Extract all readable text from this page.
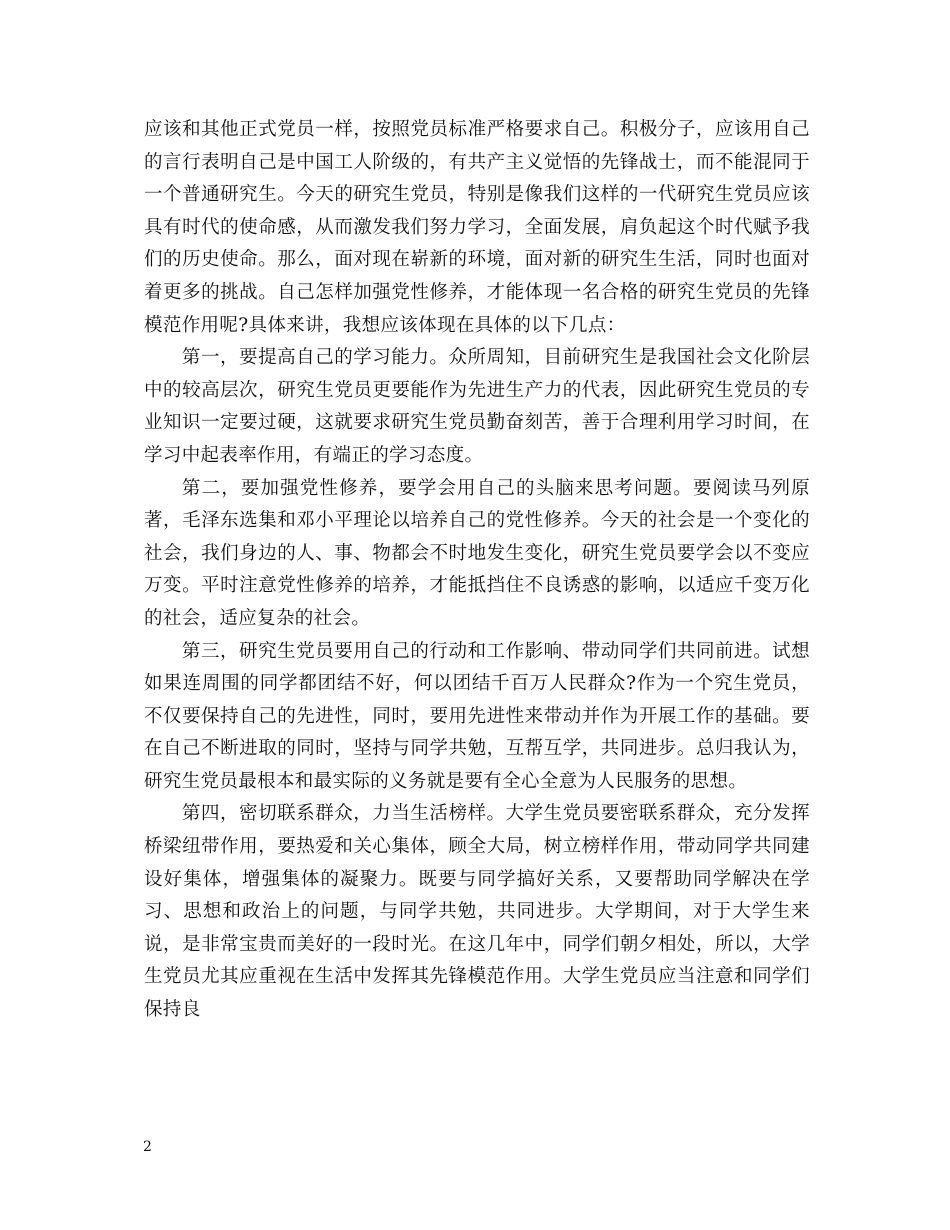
应该和其他正式党员一样，按照党员标准严格要求自己。积极分子，应该用自己的言行表明自己是中国工人阶级的，有共产主义觉悟的先锋战士，而不能混同于一个普通研究生。今天的研究生党员，特别是像我们这样的一代研究生党员应该具有时代的使命感，从而激发我们努力学习，全面发展，肩负起这个时代赋予我们的历史使命。那么，面对现在崭新的环境，面对新的研究生生活，同时也面对着更多的挑战。自己怎样加强党性修养，才能体现一名合格的研究生党员的先锋模范作用呢?具体来讲，我想应该体现在具体的以下几点：

第一，要提高自己的学习能力。众所周知，目前研究生是我国社会文化阶层中的较高层次，研究生党员更要能作为先进生产力的代表，因此研究生党员的专业知识一定要过硬，这就要求研究生党员勤奋刻苦，善于合理利用学习时间，在学习中起表率作用，有端正的学习态度。

第二，要加强党性修养，要学会用自己的头脑来思考问题。要阅读马列原著，毛泽东选集和邓小平理论以培养自己的党性修养。今天的社会是一个变化的社会，我们身边的人、事、物都会不时地发生变化，研究生党员要学会以不变应万变。平时注意党性修养的培养，才能抵挡住不良诱惑的影响，以适应千变万化的社会，适应复杂的社会。

第三，研究生党员要用自己的行动和工作影响、带动同学们共同前进。试想如果连周围的同学都团结不好，何以团结千百万人民群众?作为一个究生党员，不仅要保持自己的先进性，同时，要用先进性来带动并作为开展工作的基础。要在自己不断进取的同时，坚持与同学共勉，互帮互学，共同进步。总归我认为，研究生党员最根本和最实际的义务就是要有全心全意为人民服务的思想。

第四，密切联系群众，力当生活榜样。大学生党员要密联系群众，充分发挥桥梁纽带作用，要热爱和关心集体，顾全大局，树立榜样作用，带动同学共同建设好集体，增强集体的凝聚力。既要与同学搞好关系，又要帮助同学解决在学习、思想和政治上的问题，与同学共勉，共同进步。大学期间，对于大学生来说，是非常宝贵而美好的一段时光。在这几年中，同学们朝夕相处，所以，大学生党员尤其应重视在生活中发挥其先锋模范作用。大学生党员应当注意和同学们保持良

2
